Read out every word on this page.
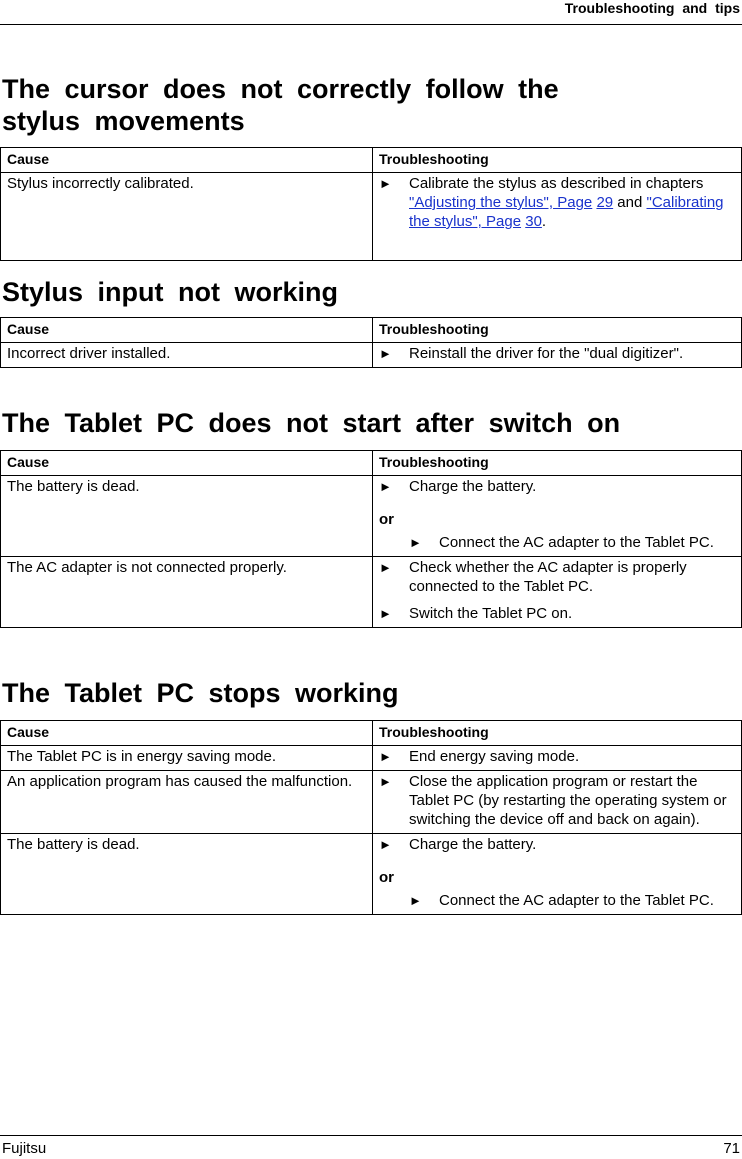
Troubleshooting and tips
The cursor does not correctly follow the
stylus movements
Cause	Troubleshooting
Stylus incorrectly calibrated.	► Calibrate the stylus as described in chapters "Adjusting the stylus", Page 29 and "Calibrating the stylus", Page 30.

Stylus input not working
Cause	Troubleshooting
Incorrect driver installed.	► Reinstall the driver for the "dual digitizer".

The Tablet PC does not start after switch on
Cause	Troubleshooting
The battery is dead.	► Charge the battery.

or

► Connect the AC adapter to the Tablet PC.

The AC adapter is not connected properly.	► Check whether the AC adapter is properly connected to the Tablet PC.

► Switch the Tablet PC on.

The Tablet PC stops working
Cause	Troubleshooting
The Tablet PC is in energy saving mode.	► End energy saving mode.

An application program has caused the malfunction.	► Close the application program or restart the Tablet PC (by restarting the operating system or switching the device off and back on again).

The battery is dead.	► Charge the battery.

or

► Connect the AC adapter to the Tablet PC.

Fujitsu	71
